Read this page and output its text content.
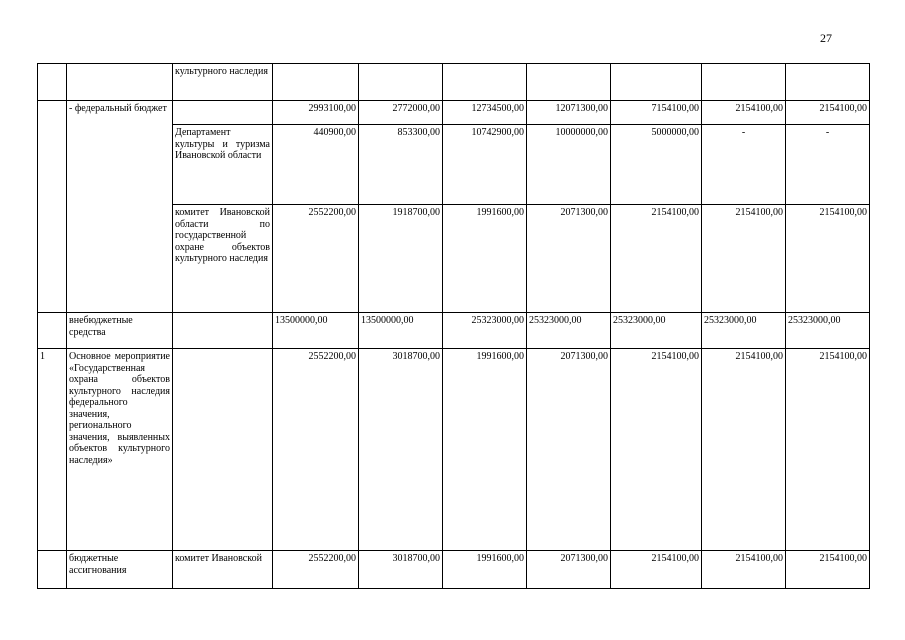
27
		культурного наследия							
	- федеральный бюджет		2993100,00	2772000,00	12734500,00	12071300,00	7154100,00	2154100,00	2154100,00
		Департамент культуры и туризма Ивановской области	440900,00	853300,00	10742900,00	10000000,00	5000000,00	-	-
		комитет Ивановской области по государственной охране объектов культурного наследия	2552200,00	1918700,00	1991600,00	2071300,00	2154100,00	2154100,00	2154100,00
	внебюджетные средства		13500000,00	13500000,00	25323000,00	25323000,00	25323000,00	25323000,00	25323000,00
1	Основное мероприятие «Государственная охрана объектов культурного наследия федерального значения, регионального значения, выявленных объектов культурного наследия»		2552200,00	3018700,00	1991600,00	2071300,00	2154100,00	2154100,00	2154100,00
	бюджетные ассигнования	комитет Ивановской	2552200,00	3018700,00	1991600,00	2071300,00	2154100,00	2154100,00	2154100,00
